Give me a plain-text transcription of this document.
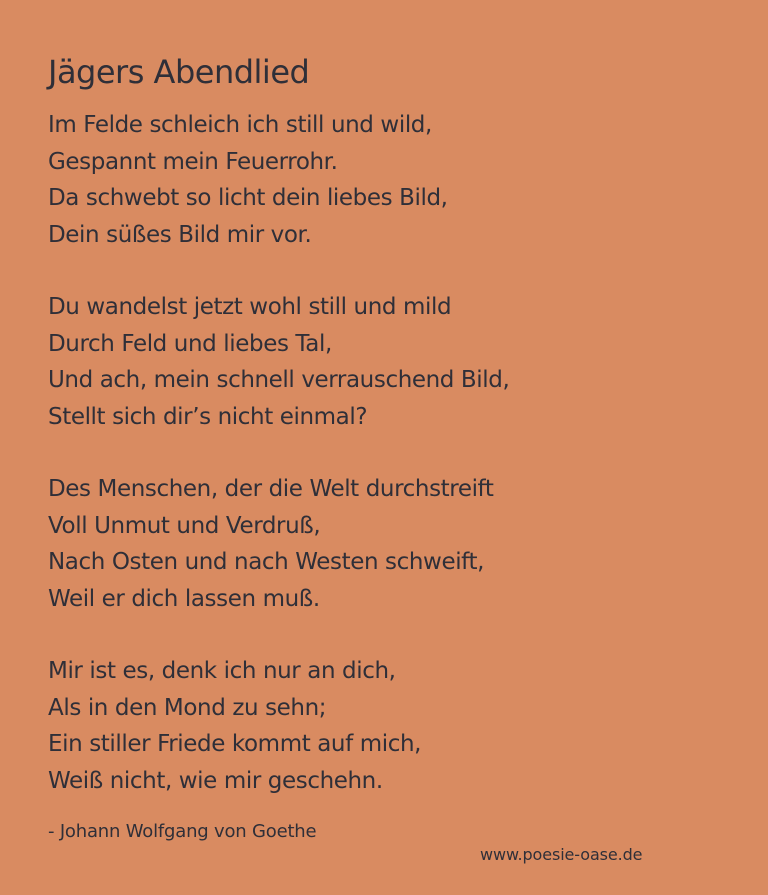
Jägers Abendlied
Im Felde schleich ich still und wild,
Gespannt mein Feuerrohr.
Da schwebt so licht dein liebes Bild,
Dein süßes Bild mir vor.
Du wandelst jetzt wohl still und mild
Durch Feld und liebes Tal,
Und ach, mein schnell verrauschend Bild,
Stellt sich dir’s nicht einmal?
Des Menschen, der die Welt durchstreift
Voll Unmut und Verdruß,
Nach Osten und nach Westen schweift,
Weil er dich lassen muß.
Mir ist es, denk ich nur an dich,
Als in den Mond zu sehn;
Ein stiller Friede kommt auf mich,
Weiß nicht, wie mir geschehn.
- Johann Wolfgang von Goethe
www.poesie-oase.de
